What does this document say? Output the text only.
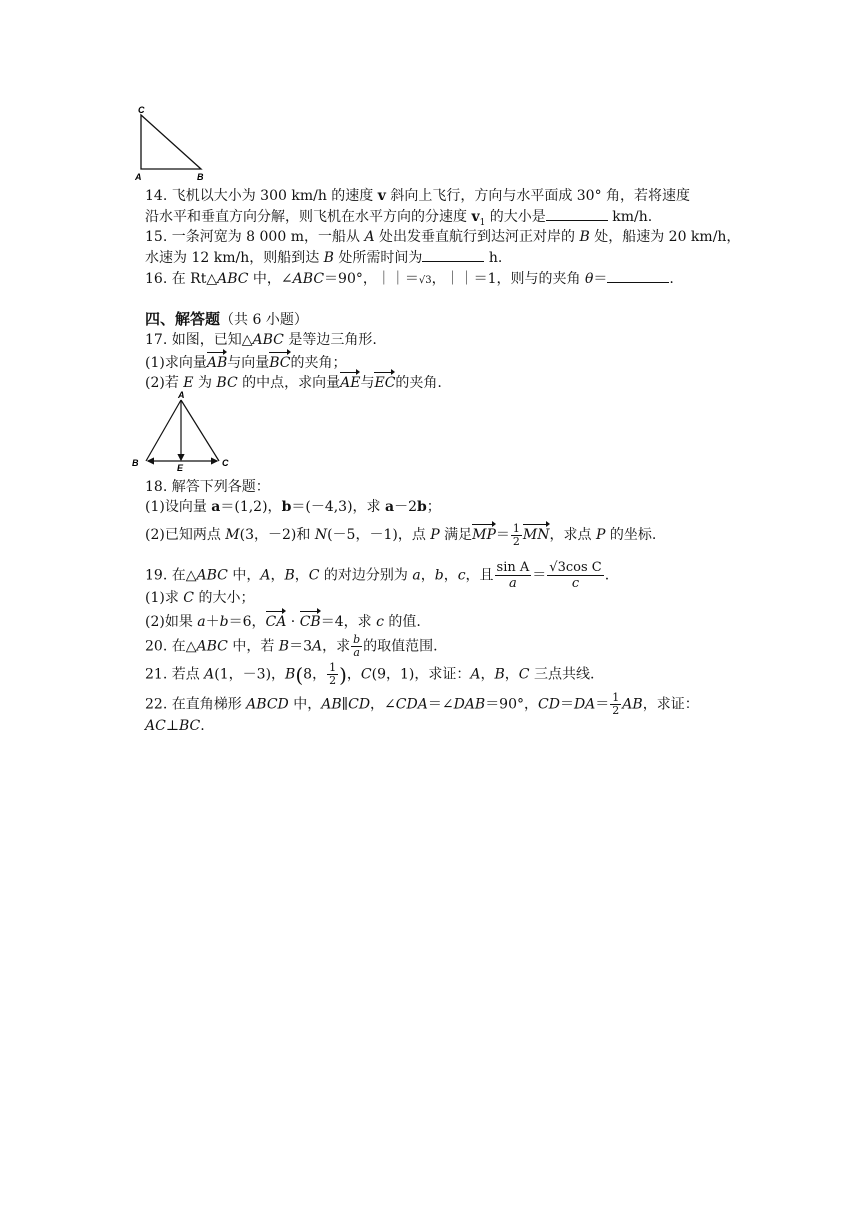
C
A	B
14. 飞机以大小为 300 km/h 的速度 v 斜向上飞行，方向与水平面成 30° 角，若将速度
沿水平和垂直方向分解，则飞机在水平方向的分速度 $v_1$ 的大小是	km/h.
15. 一条河宽为 8 000 m，一船从 A 处出发垂直航行到达河正对岸的 B 处，船速为 20 km/h，
水速为 12 km/h，则船到达 B 处所需时间为	h.
16. 在 Rt△ABC 中，∠ABC＝90°，｜｜＝√3，｜｜＝1，则与的夹角 θ＝	.
四、解答题（共 6 小题）
17. 如图，已知△ABC 是等边三角形.
(1)求向量AB与向量BC的夹角；
(2)若 E 为 BC 的中点，求向量AE与EC的夹角.
A
B	E	C
18. 解答下列各题：
(1)设向量 a＝(1,2)，b＝(－4,3)，求 a－2b；
(2)已知两点 M(3，－2)和 N(－5，－1)，点 P 满足$MP= \frac{1}{2}$ MN，求点 P 的坐标.
19. 在△ABC 中，A，B，C 的对边分别为 a，b，c，且 $\frac{\text{sin A}}{a} = \frac{\text{√3cos C}}{c}$ .
(1)求 C 的大小；
(2)如果 a＋b＝6，CA · CB＝4，求 c 的值.
20. 在△ABC 中，若 B＝3A，求 $\frac{b}{a}$ 的取值范围.
21. 若点 A(1，－3)，B(8， $\frac{1}{2}$ )，C(9，1)，求证：A，B，C 三点共线.
22. 在直角梯形 ABCD 中，AB∥CD，∠CDA＝∠DAB＝90°，$CD=DA= \frac{1}{2}$ AB，求证：
AC⊥BC.
